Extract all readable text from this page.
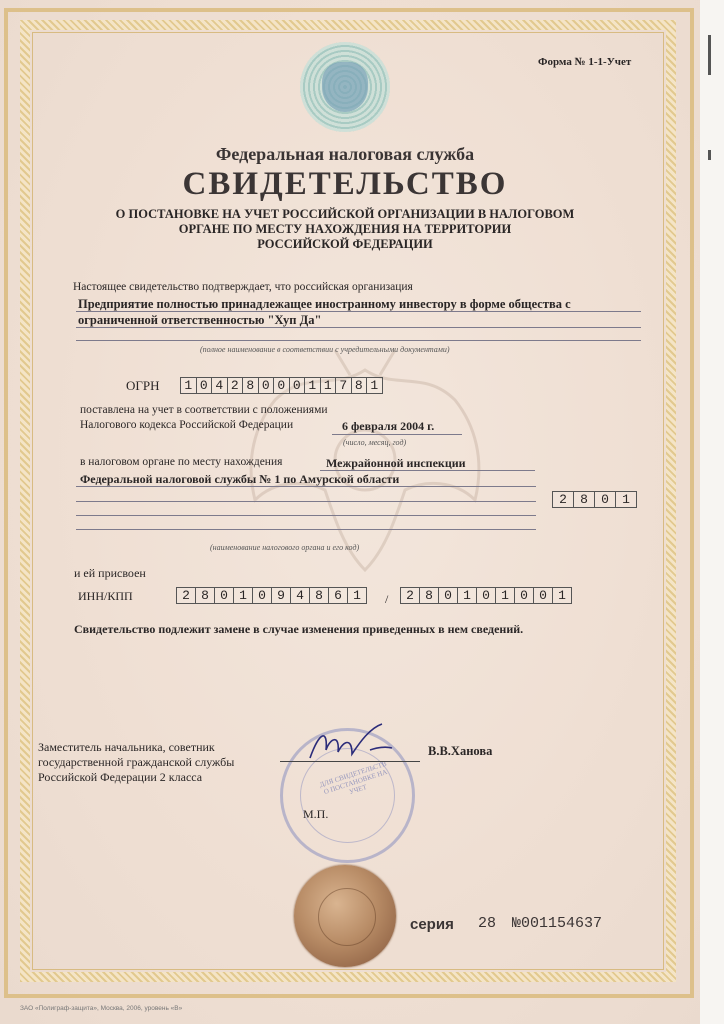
Форма № 1-1-Учет
Федеральная налоговая служба
СВИДЕТЕЛЬСТВО
О ПОСТАНОВКЕ НА УЧЕТ РОССИЙСКОЙ ОРГАНИЗАЦИИ В НАЛОГОВОМ
ОРГАНЕ ПО МЕСТУ НАХОЖДЕНИЯ НА ТЕРРИТОРИИ
РОССИЙСКОЙ ФЕДЕРАЦИИ
Настоящее свидетельство подтверждает, что российская организация
Предприятие полностью принадлежащее иностранному инвестору в форме общества с ограниченной ответственностью "Хуп Да"
(полное наименование в соответствии с учредительными документами)
ОГРН	1 0 4 2 8 0 0 0 1 1 7 8 1
поставлена на учет в соответствии с положениями
Налогового кодекса Российской Федерации	6 февраля 2004 г.
(число, месяц, год)
в налоговом органе по месту нахождения	Межрайонной инспекции
Федеральной налоговой службы № 1 по Амурской области
2	8	0	1
(наименование налогового органа и его код)
и ей присвоен
ИНН/КПП	2 8 0 1 0 9 4 8 6 1	/	2 8 0 1 0 1 0 0 1
Свидетельство подлежит замене в случае изменения приведенных в нем сведений.
ДЛЯ СВИДЕТЕЛЬСТВ О ПОСТАНОВКЕ НА УЧЕТ
Заместитель начальника, советник государственной гражданской службы Российской Федерации 2 класса
В.В.Ханова
М.П.
серия 28 №001154637
ЗАО «Полиграф-защита», Москва, 2006, уровень «В»
